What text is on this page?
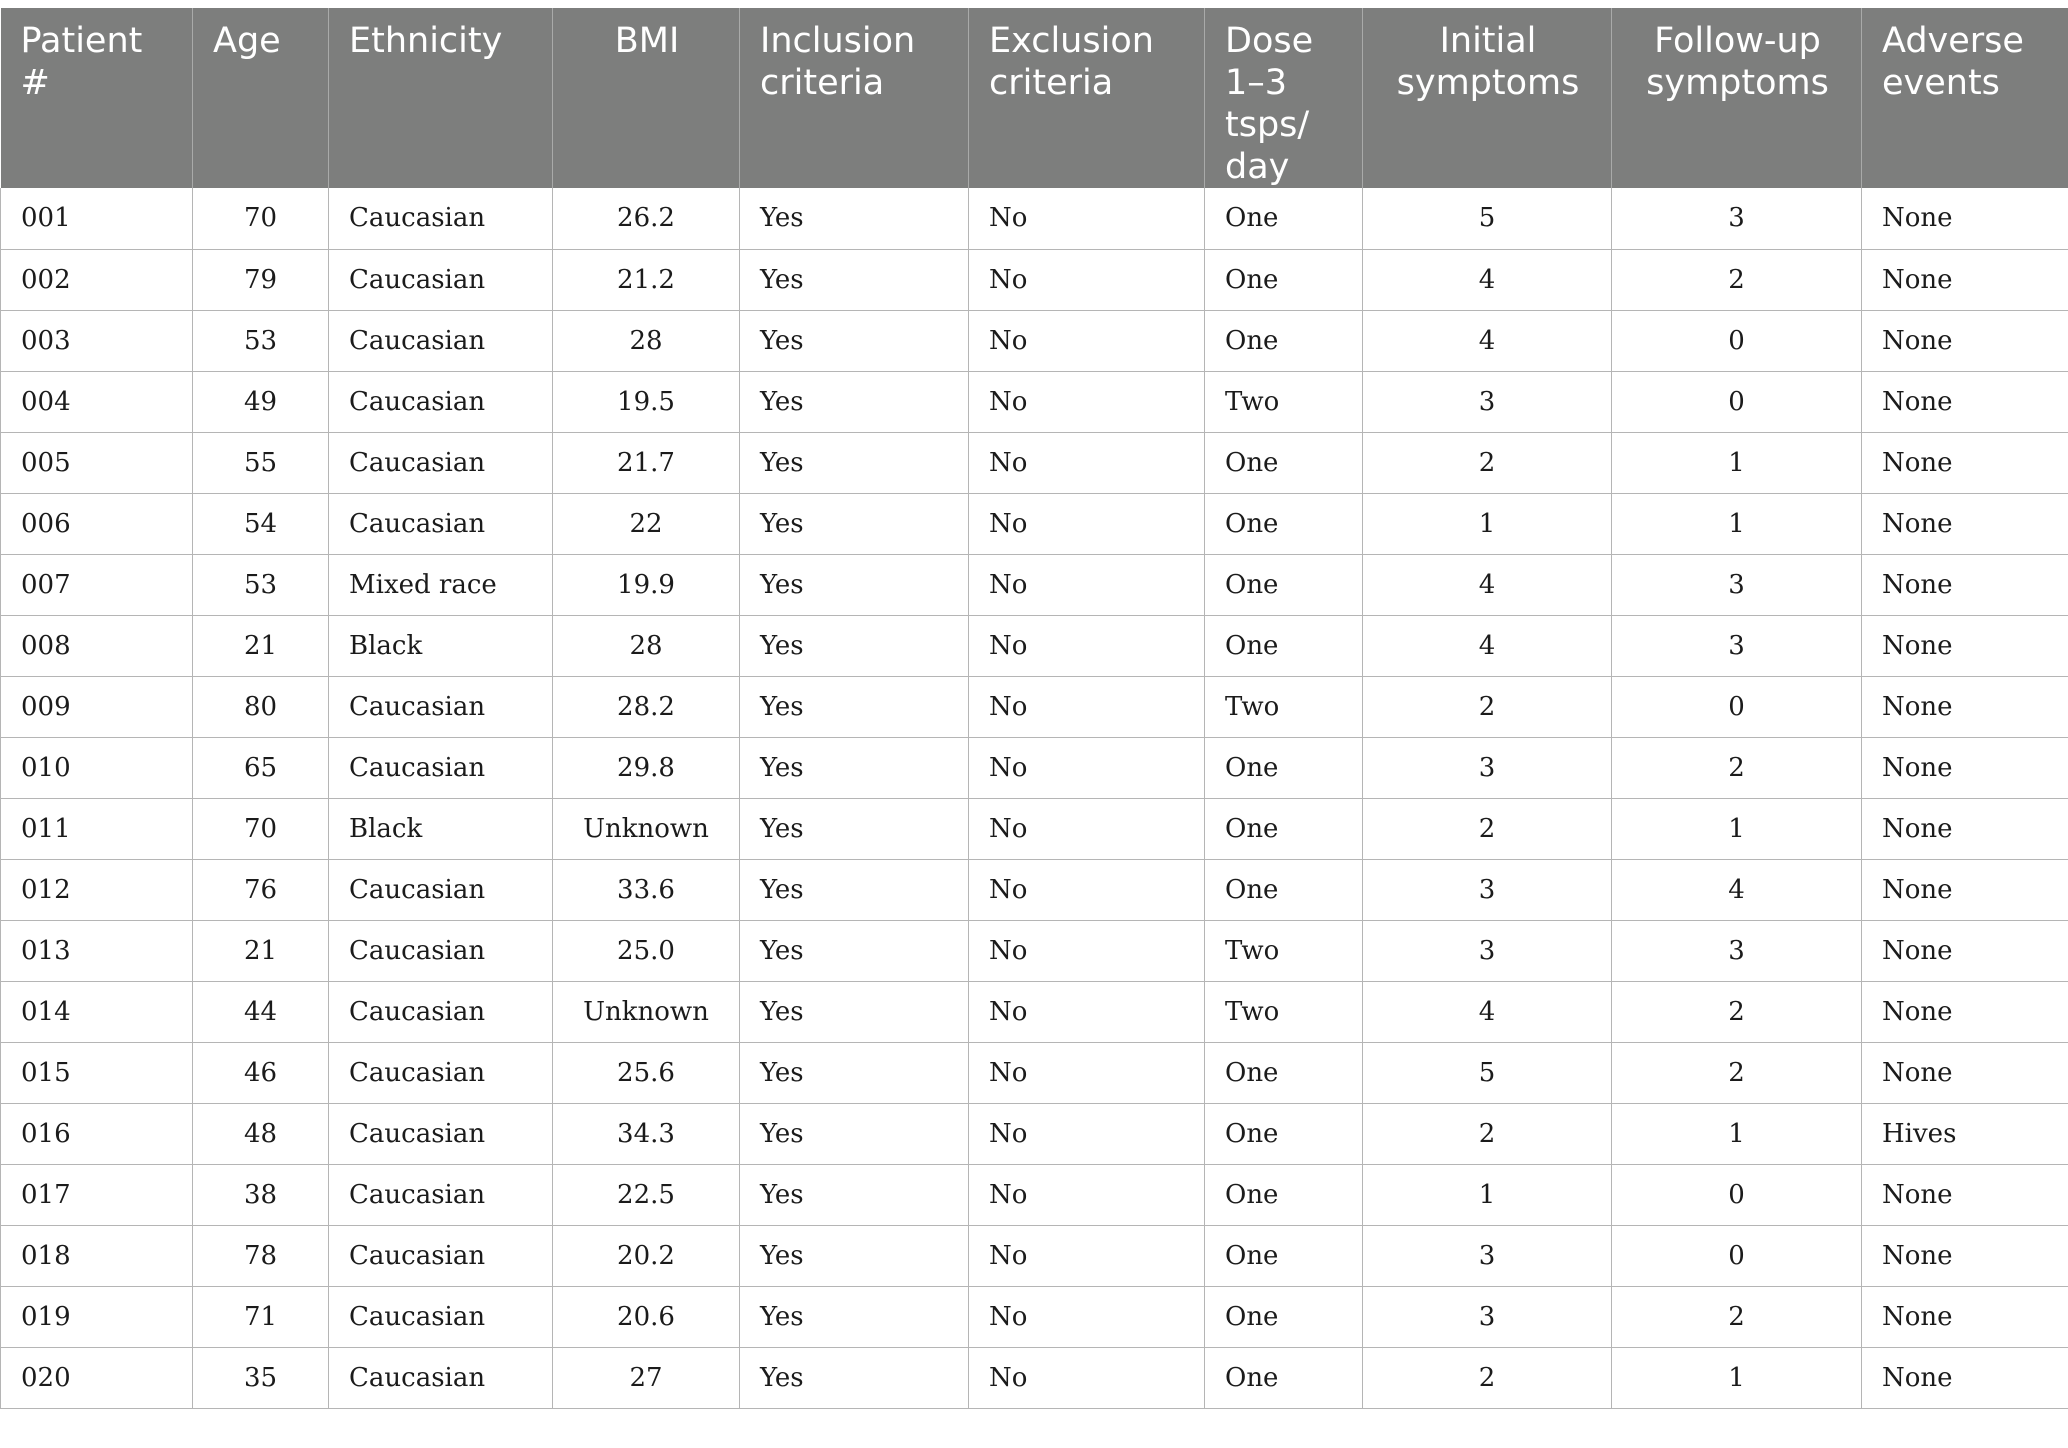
Patient #	Age	Ethnicity	BMI	Inclusion criteria	Exclusion criteria	Dose 1–3 tsps/ day	Initial symptoms	Follow-up symptoms	Adverse events
001	70	Caucasian	26.2	Yes	No	One	5	3	None
002	79	Caucasian	21.2	Yes	No	One	4	2	None
003	53	Caucasian	28	Yes	No	One	4	0	None
004	49	Caucasian	19.5	Yes	No	Two	3	0	None
005	55	Caucasian	21.7	Yes	No	One	2	1	None
006	54	Caucasian	22	Yes	No	One	1	1	None
007	53	Mixed race	19.9	Yes	No	One	4	3	None
008	21	Black	28	Yes	No	One	4	3	None
009	80	Caucasian	28.2	Yes	No	Two	2	0	None
010	65	Caucasian	29.8	Yes	No	One	3	2	None
011	70	Black	Unknown	Yes	No	One	2	1	None
012	76	Caucasian	33.6	Yes	No	One	3	4	None
013	21	Caucasian	25.0	Yes	No	Two	3	3	None
014	44	Caucasian	Unknown	Yes	No	Two	4	2	None
015	46	Caucasian	25.6	Yes	No	One	5	2	None
016	48	Caucasian	34.3	Yes	No	One	2	1	Hives
017	38	Caucasian	22.5	Yes	No	One	1	0	None
018	78	Caucasian	20.2	Yes	No	One	3	0	None
019	71	Caucasian	20.6	Yes	No	One	3	2	None
020	35	Caucasian	27	Yes	No	One	2	1	None
